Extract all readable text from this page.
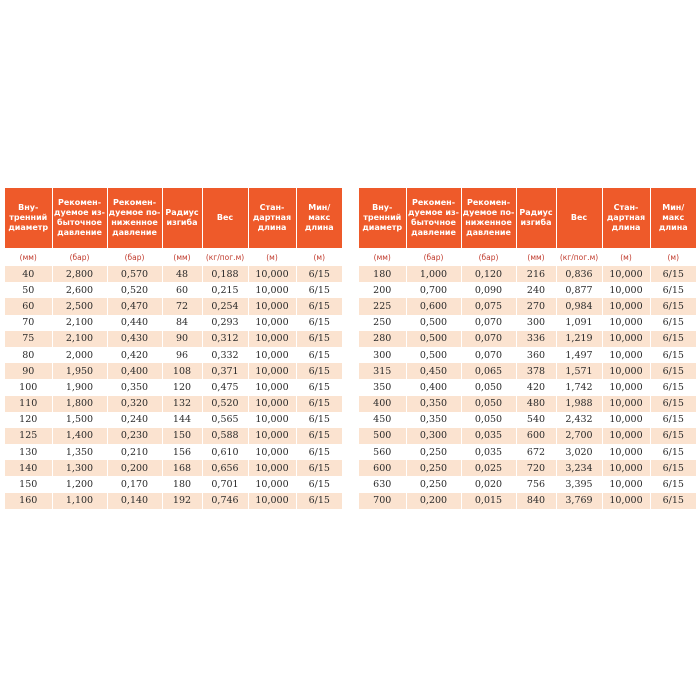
Вну-
тренний
диаметр	Рекомен-
дуемое из-
быточное
давление	Рекомен-
дуемое по-
ниженное
давление	Радиус
изгиба	Вес	Стан-
дартная
длина	Мин/
макс
длина
(мм)	(бар)	(бар)	(мм)	(кг/пог.м)	(м)	(м)
40	2,800	0,570	48	0,188	10,000	6/15
50	2,600	0,520	60	0,215	10,000	6/15
60	2,500	0,470	72	0,254	10,000	6/15
70	2,100	0,440	84	0,293	10,000	6/15
75	2,100	0,430	90	0,312	10,000	6/15
80	2,000	0,420	96	0,332	10,000	6/15
90	1,950	0,400	108	0,371	10,000	6/15
100	1,900	0,350	120	0,475	10,000	6/15
110	1,800	0,320	132	0,520	10,000	6/15
120	1,500	0,240	144	0,565	10,000	6/15
125	1,400	0,230	150	0,588	10,000	6/15
130	1,350	0,210	156	0,610	10,000	6/15
140	1,300	0,200	168	0,656	10,000	6/15
150	1,200	0,170	180	0,701	10,000	6/15
160	1,100	0,140	192	0,746	10,000	6/15
Вну-
тренний
диаметр	Рекомен-
дуемое из-
быточное
давление	Рекомен-
дуемое по-
ниженное
давление	Радиус
изгиба	Вес	Стан-
дартная
длина	Мин/
макс
длина
(мм)	(бар)	(бар)	(мм)	(кг/пог.м)	(м)	(м)
180	1,000	0,120	216	0,836	10,000	6/15
200	0,700	0,090	240	0,877	10,000	6/15
225	0,600	0,075	270	0,984	10,000	6/15
250	0,500	0,070	300	1,091	10,000	6/15
280	0,500	0,070	336	1,219	10,000	6/15
300	0,500	0,070	360	1,497	10,000	6/15
315	0,450	0,065	378	1,571	10,000	6/15
350	0,400	0,050	420	1,742	10,000	6/15
400	0,350	0,050	480	1,988	10,000	6/15
450	0,350	0,050	540	2,432	10,000	6/15
500	0,300	0,035	600	2,700	10,000	6/15
560	0,250	0,035	672	3,020	10,000	6/15
600	0,250	0,025	720	3,234	10,000	6/15
630	0,250	0,020	756	3,395	10,000	6/15
700	0,200	0,015	840	3,769	10,000	6/15
